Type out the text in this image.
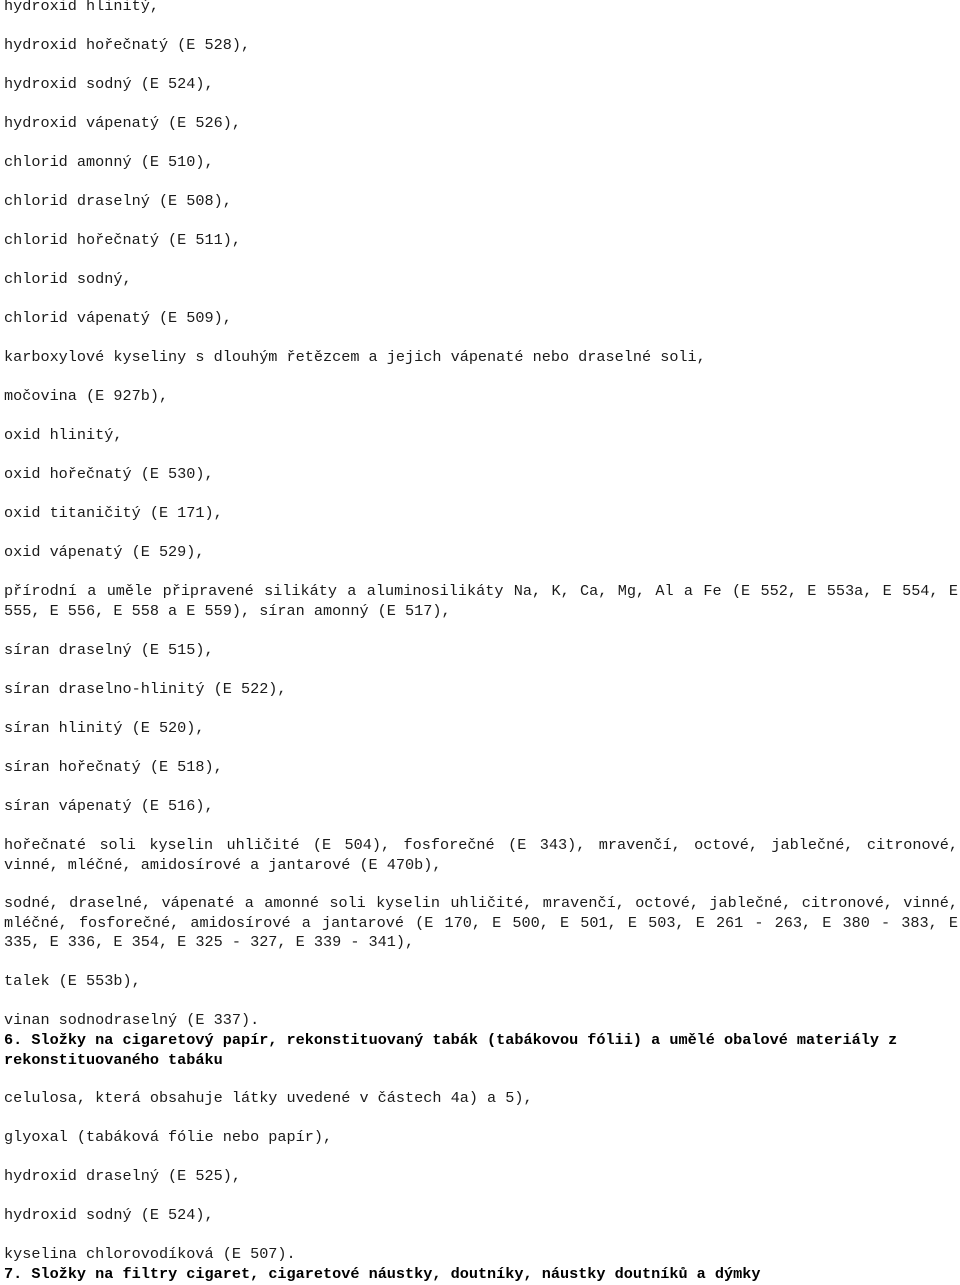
hydroxid hlinitý,
hydroxid hořečnatý (E 528),
hydroxid sodný (E 524),
hydroxid vápenatý (E 526),
chlorid amonný (E 510),
chlorid draselný (E 508),
chlorid hořečnatý (E 511),
chlorid sodný,
chlorid vápenatý (E 509),
karboxylové kyseliny s dlouhým řetězcem a jejich vápenaté nebo draselné soli,
močovina (E 927b),
oxid hlinitý,
oxid hořečnatý (E 530),
oxid titaničitý (E 171),
oxid vápenatý (E 529),
přírodní a uměle připravené silikáty a aluminosilikáty Na, K, Ca, Mg, Al a Fe (E 552, E 553a, E 554, E 555, E 556, E 558 a E 559), síran amonný (E 517),
síran draselný (E 515),
síran draselno-hlinitý (E 522),
síran hlinitý (E 520),
síran hořečnatý (E 518),
síran vápenatý (E 516),
hořečnaté soli kyselin uhličité (E 504), fosforečné (E 343), mravenčí, octové, jablečné, citronové, vinné, mléčné, amidosírové a jantarové (E 470b),
sodné, draselné, vápenaté a amonné soli kyselin uhličité, mravenčí, octové, jablečné, citronové, vinné, mléčné, fosforečné, amidosírové a jantarové (E 170, E 500, E 501, E 503, E 261 - 263, E 380 - 383, E 335, E 336, E 354, E 325 - 327, E 339 - 341),
talek (E 553b),
vinan sodnodraselný (E 337).
6. Složky na cigaretový papír, rekonstituovaný tabák (tabákovou fólii) a umělé obalové materiály z rekonstituovaného tabáku
celulosa, která obsahuje látky uvedené v částech 4a) a 5),
glyoxal (tabáková fólie nebo papír),
hydroxid draselný (E 525),
hydroxid sodný (E 524),
kyselina chlorovodíková (E 507).
7. Složky na filtry cigaret, cigaretové náustky, doutníky, náustky doutníků a dýmky
